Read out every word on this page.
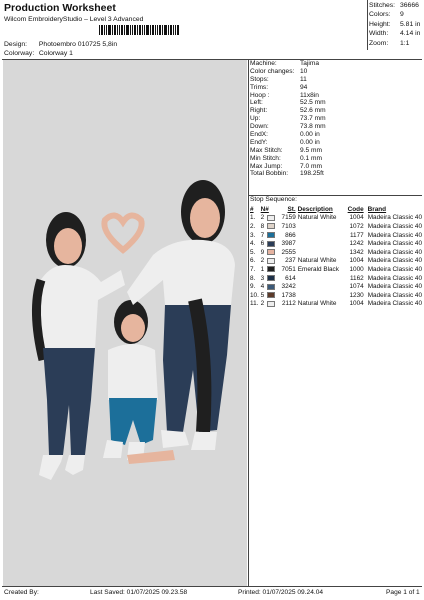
Production Worksheet
Wilcom EmbroideryStudio – Level 3 Advanced
Design: Photoembro 010725 5,8in
Colorway: Colorway 1
Stitches: 36666
Colors:	9
Height:	5.81 in
Width:	4.14 in
Zoom:	1:1
Machine:	Tajima
Color changes: 10
Stops:	11
Trims:	94
Hoop :	11x8in
Left:	52.5 mm
Right:	52.6 mm
Up:	73.7 mm
Down:	73.8 mm
EndX:	0.00 in
EndY:	0.00 in
Max Stitch:	9.5 mm
Min Stitch:	0.1 mm
Max Jump:	7.0 mm
Total Bobbin:	198.25ft
Stop Sequence:
#	N#	St. Description	Code Brand
1. 2	7159 Natural White	1004 Madeira Classic 40
2. 8	7103	1072 Madeira Classic 40
3. 7	866	1177 Madeira Classic 40
4. 6	3987	1242 Madeira Classic 40
5. 9	2555	1342 Madeira Classic 40
6. 2	237 Natural White	1004 Madeira Classic 40
7. 1	7051 Emerald Black	1000 Madeira Classic 40
8. 3	614	1162 Madeira Classic 40
9. 4	3242	1074 Madeira Classic 40
10. 5	1738	1230 Madeira Classic 40
11. 2	2112 Natural White	1004 Madeira Classic 40
Created By:	Last Saved: 01/07/2025 09.23.58	Printed: 01/07/2025 09.24.04	Page 1 of 1
